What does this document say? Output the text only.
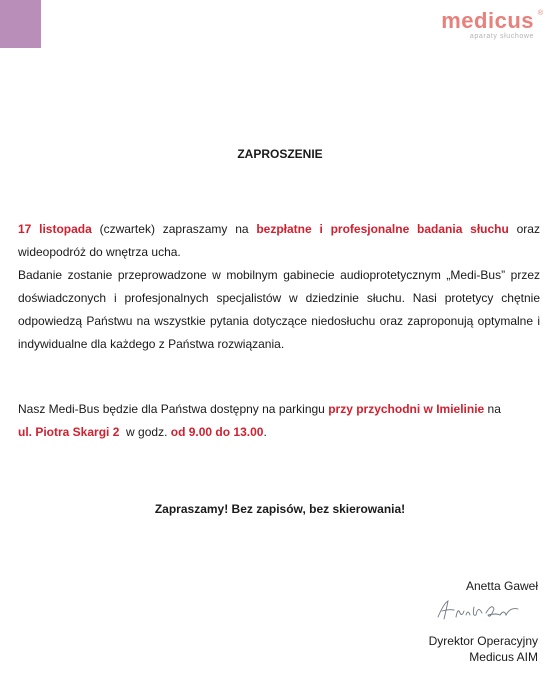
medicus ®
aparaty słuchowe
ZAPROSZENIE
17 listopada (czwartek) zapraszamy na bezpłatne i profesjonalne badania słuchu oraz wideopodróż do wnętrza ucha.
Badanie zostanie przeprowadzone w mobilnym gabinecie audioprotetycznym „Medi-Bus” przez doświadczonych i profesjonalnych specjalistów w dziedzinie słuchu. Nasi protetycy chętnie odpowiedzą Państwu na wszystkie pytania dotyczące niedosłuchu oraz zaproponują optymalne i indywidualne dla każdego z Państwa rozwiązania.
Nasz Medi-Bus będzie dla Państwa dostępny na parkingu przy przychodni w Imielinie na
ul. Piotra Skargi 2  w godz. od 9.00 do 13.00.
Zapraszamy! Bez zapisów, bez skierowania!
Anetta Gaweł
Dyrektor Operacyjny
Medicus AIM
